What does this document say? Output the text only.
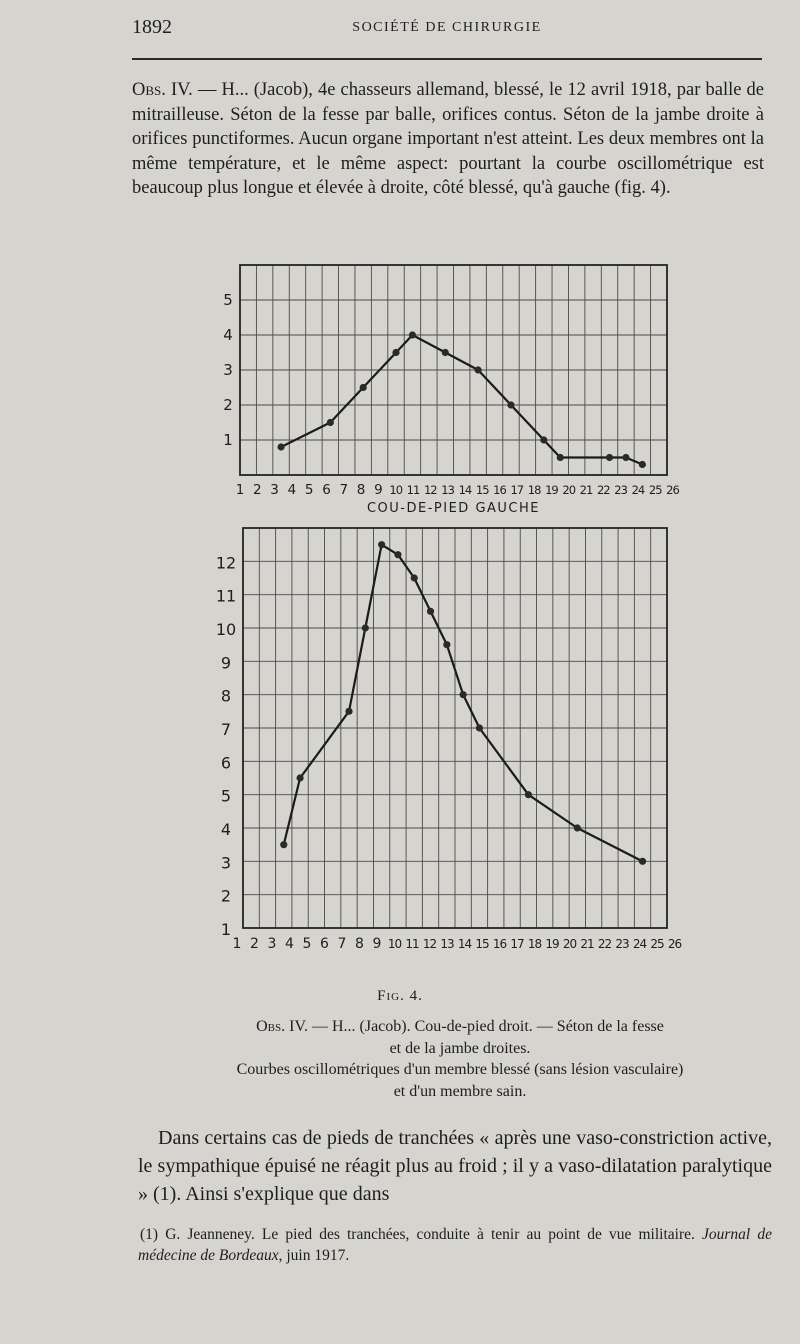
1892	SOCIÉTÉ DE CHIRURGIE
Obs. IV. — H... (Jacob), 4e chasseurs allemand, blessé, le 12 avril 1918, par balle de mitrailleuse. Séton de la fesse par balle, orifices contus. Séton de la jambe droite à orifices punctiformes. Aucun organe important n'est atteint. Les deux membres ont la même température, et le même aspect: pourtant la courbe oscillométrique est beaucoup plus longue et élevée à droite, côté blessé, qu'à gauche (fig. 4).
1
2
3
4
5
1 2 3 4 5 6 7 8 9 10 11 12 13 14 15 16 17 18 19 20 21 22 23 24 25 26
COU-DE-PIED GAUCHE
1
2
3
4
5
6
7
8
9
10
11
12
1 2 3 4 5 6 7 8 9 10 11 12 13 14 15 16 17 18 19 20 21 22 23 24 25 26
Fig. 4.
Obs. IV. — H... (Jacob). Cou-de-pied droit. — Séton de la fesse
et de la jambe droites.
Courbes oscillométriques d'un membre blessé (sans lésion vasculaire)
et d'un membre sain.
Dans certains cas de pieds de tranchées « après une vaso-constriction active, le sympathique épuisé ne réagit plus au froid ; il y a vaso-dilatation paralytique » (1). Ainsi s'explique que dans
(1) G. Jeanneney. Le pied des tranchées, conduite à tenir au point de vue militaire. Journal de médecine de Bordeaux, juin 1917.
